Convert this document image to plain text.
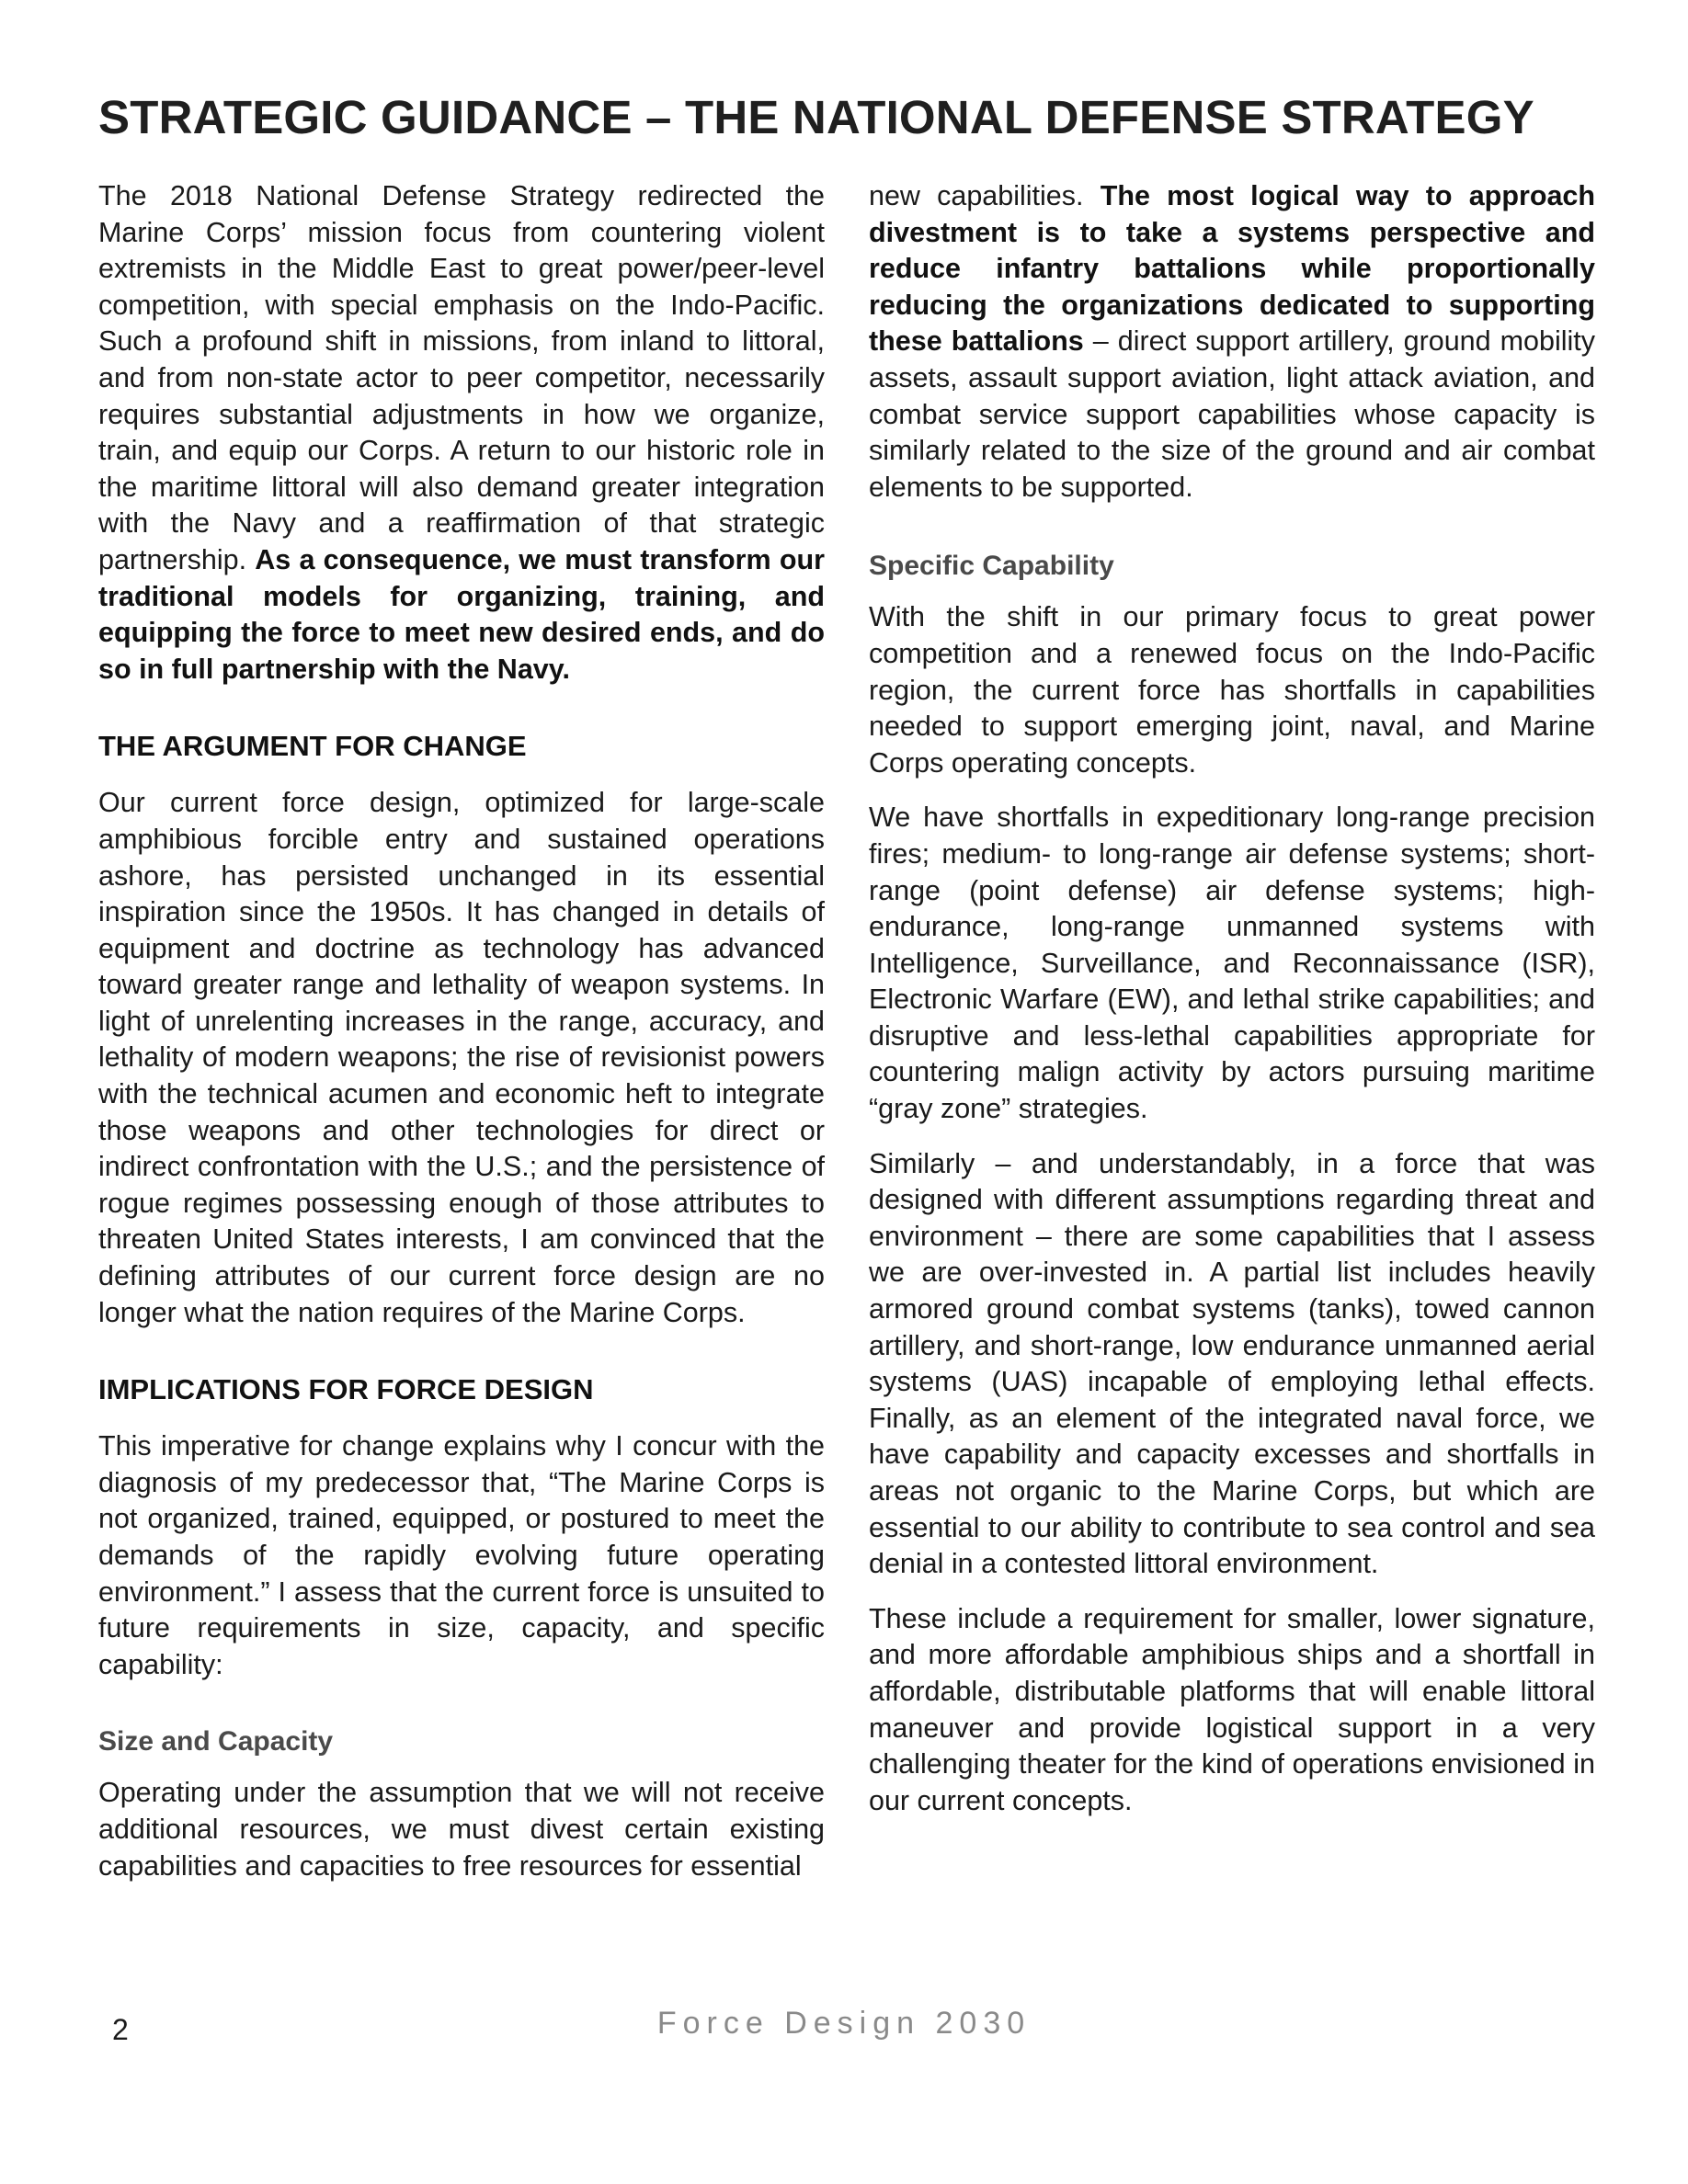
STRATEGIC GUIDANCE – THE NATIONAL DEFENSE STRATEGY

The 2018 National Defense Strategy redirected the Marine Corps’ mission focus from countering violent extremists in the Middle East to great power/peer-level competition, with special emphasis on the Indo-Pacific. Such a profound shift in missions, from inland to littoral, and from non-state actor to peer competitor, necessarily requires substantial adjustments in how we organize, train, and equip our Corps. A return to our historic role in the maritime littoral will also demand greater integration with the Navy and a reaffirmation of that strategic partnership. As a consequence, we must transform our traditional models for organizing, training, and equipping the force to meet new desired ends, and do so in full partnership with the Navy.

THE ARGUMENT FOR CHANGE

Our current force design, optimized for large-scale amphibious forcible entry and sustained operations ashore, has persisted unchanged in its essential inspiration since the 1950s. It has changed in details of equipment and doctrine as technology has advanced toward greater range and lethality of weapon systems. In light of unrelenting increases in the range, accuracy, and lethality of modern weapons; the rise of revisionist powers with the technical acumen and economic heft to integrate those weapons and other technologies for direct or indirect confrontation with the U.S.; and the persistence of rogue regimes possessing enough of those attributes to threaten United States interests, I am convinced that the defining attributes of our current force design are no longer what the nation requires of the Marine Corps.

IMPLICATIONS FOR FORCE DESIGN

This imperative for change explains why I concur with the diagnosis of my predecessor that, “The Marine Corps is not organized, trained, equipped, or postured to meet the demands of the rapidly evolving future operating environment.” I assess that the current force is unsuited to future requirements in size, capacity, and specific capability:

Size and Capacity

Operating under the assumption that we will not receive additional resources, we must divest certain existing capabilities and capacities to free resources for essential

new capabilities. The most logical way to approach divestment is to take a systems perspective and reduce infantry battalions while proportionally reducing the organizations dedicated to supporting these battalions – direct support artillery, ground mobility assets, assault support aviation, light attack aviation, and combat service support capabilities whose capacity is similarly related to the size of the ground and air combat elements to be supported.

Specific Capability

With the shift in our primary focus to great power competition and a renewed focus on the Indo-Pacific region, the current force has shortfalls in capabilities needed to support emerging joint, naval, and Marine Corps operating concepts.

We have shortfalls in expeditionary long-range precision fires; medium- to long-range air defense systems; short-range (point defense) air defense systems; high-endurance, long-range unmanned systems with Intelligence, Surveillance, and Reconnaissance (ISR), Electronic Warfare (EW), and lethal strike capabilities; and disruptive and less-lethal capabilities appropriate for countering malign activity by actors pursuing maritime “gray zone” strategies.

Similarly – and understandably, in a force that was designed with different assumptions regarding threat and environment – there are some capabilities that I assess we are over-invested in. A partial list includes heavily armored ground combat systems (tanks), towed cannon artillery, and short-range, low endurance unmanned aerial systems (UAS) incapable of employing lethal effects. Finally, as an element of the integrated naval force, we have capability and capacity excesses and shortfalls in areas not organic to the Marine Corps, but which are essential to our ability to contribute to sea control and sea denial in a contested littoral environment.

These include a requirement for smaller, lower signature, and more affordable amphibious ships and a shortfall in affordable, distributable platforms that will enable littoral maneuver and provide logistical support in a very challenging theater for the kind of operations envisioned in our current concepts.

2	Force Design 2030
